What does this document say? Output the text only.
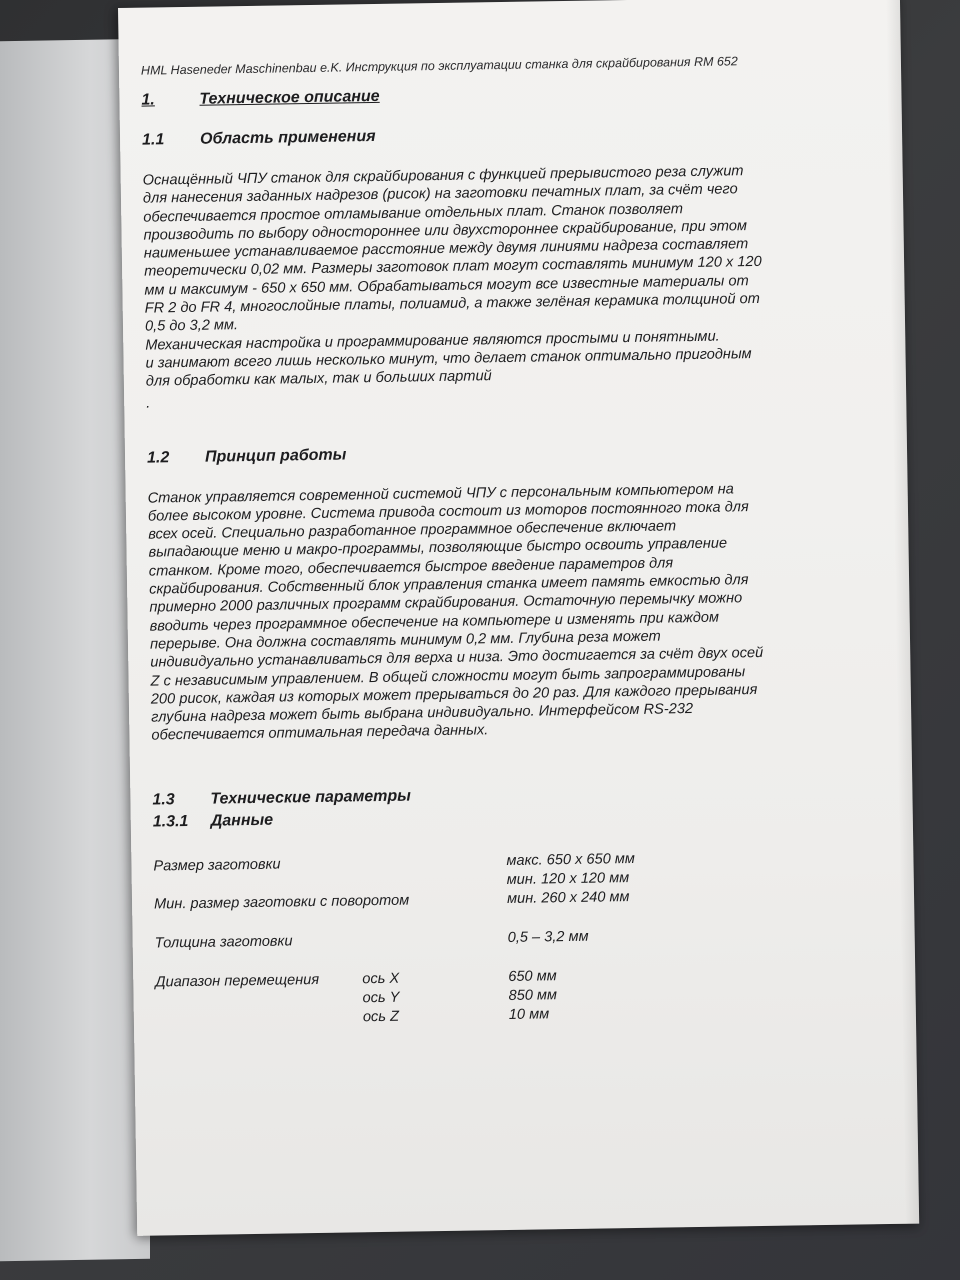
HML Haseneder Maschinenbau e.K. Инструкция по эксплуатации станка для скрайбирования RM 652
1.	Техническое описание
1.1	Область применения
Оснащённый ЧПУ станок для скрайбирования с функцией прерывистого реза служит
для нанесения заданных надрезов (рисок) на заготовки печатных плат, за счёт чего
обеспечивается простое отламывание отдельных плат. Станок позволяет
производить по выбору одностороннее или двухстороннее скрайбирование, при этом
наименьшее устанавливаемое расстояние между двумя линиями надреза составляет
теоретически 0,02 мм. Размеры заготовок плат могут составлять минимум 120 x 120
мм и максимум - 650 x 650 мм. Обрабатываться могут все известные материалы от
FR 2 до FR 4, многослойные платы, полиамид, а также зелёная керамика толщиной от
0,5 до 3,2 мм.
Механическая настройка и программирование являются простыми и понятными.
и занимают всего лишь несколько минут, что делает станок оптимально пригодным
для обработки как малых, так и больших партий
.
1.2	Принцип работы
Станок управляется современной системой ЧПУ с персональным компьютером на
более высоком уровне. Система привода состоит из моторов постоянного тока для
всех осей. Специально разработанное программное обеспечение включает
выпадающие меню и макро-программы, позволяющие быстро освоить управление
станком. Кроме того, обеспечивается быстрое введение параметров для
скрайбирования. Собственный блок управления станка имеет память емкостью для
примерно 2000 различных программ скрайбирования. Остаточную перемычку можно
вводить через программное обеспечение на компьютере и изменять при каждом
перерыве. Она должна составлять минимум 0,2 мм. Глубина реза может
индивидуально устанавливаться для верха и низа. Это достигается за счёт двух осей
Z с независимым управлением. В общей сложности могут быть запрограммированы
200 рисок, каждая из которых может прерываться до 20 раз. Для каждого прерывания
глубина надреза может быть выбрана индивидуально. Интерфейсом RS-232
обеспечивается оптимальная передача данных.
1.3	Технические параметры
1.3.1	Данные
Размер заготовки	макс. 650 x 650 мм
мин. 120 x 120 мм
Мин. размер заготовки с поворотом	мин. 260 x 240 мм
Толщина заготовки	0,5 – 3,2 мм
Диапазон перемещения	ось X	650 мм
ось Y	850 мм
ось Z	10 мм
